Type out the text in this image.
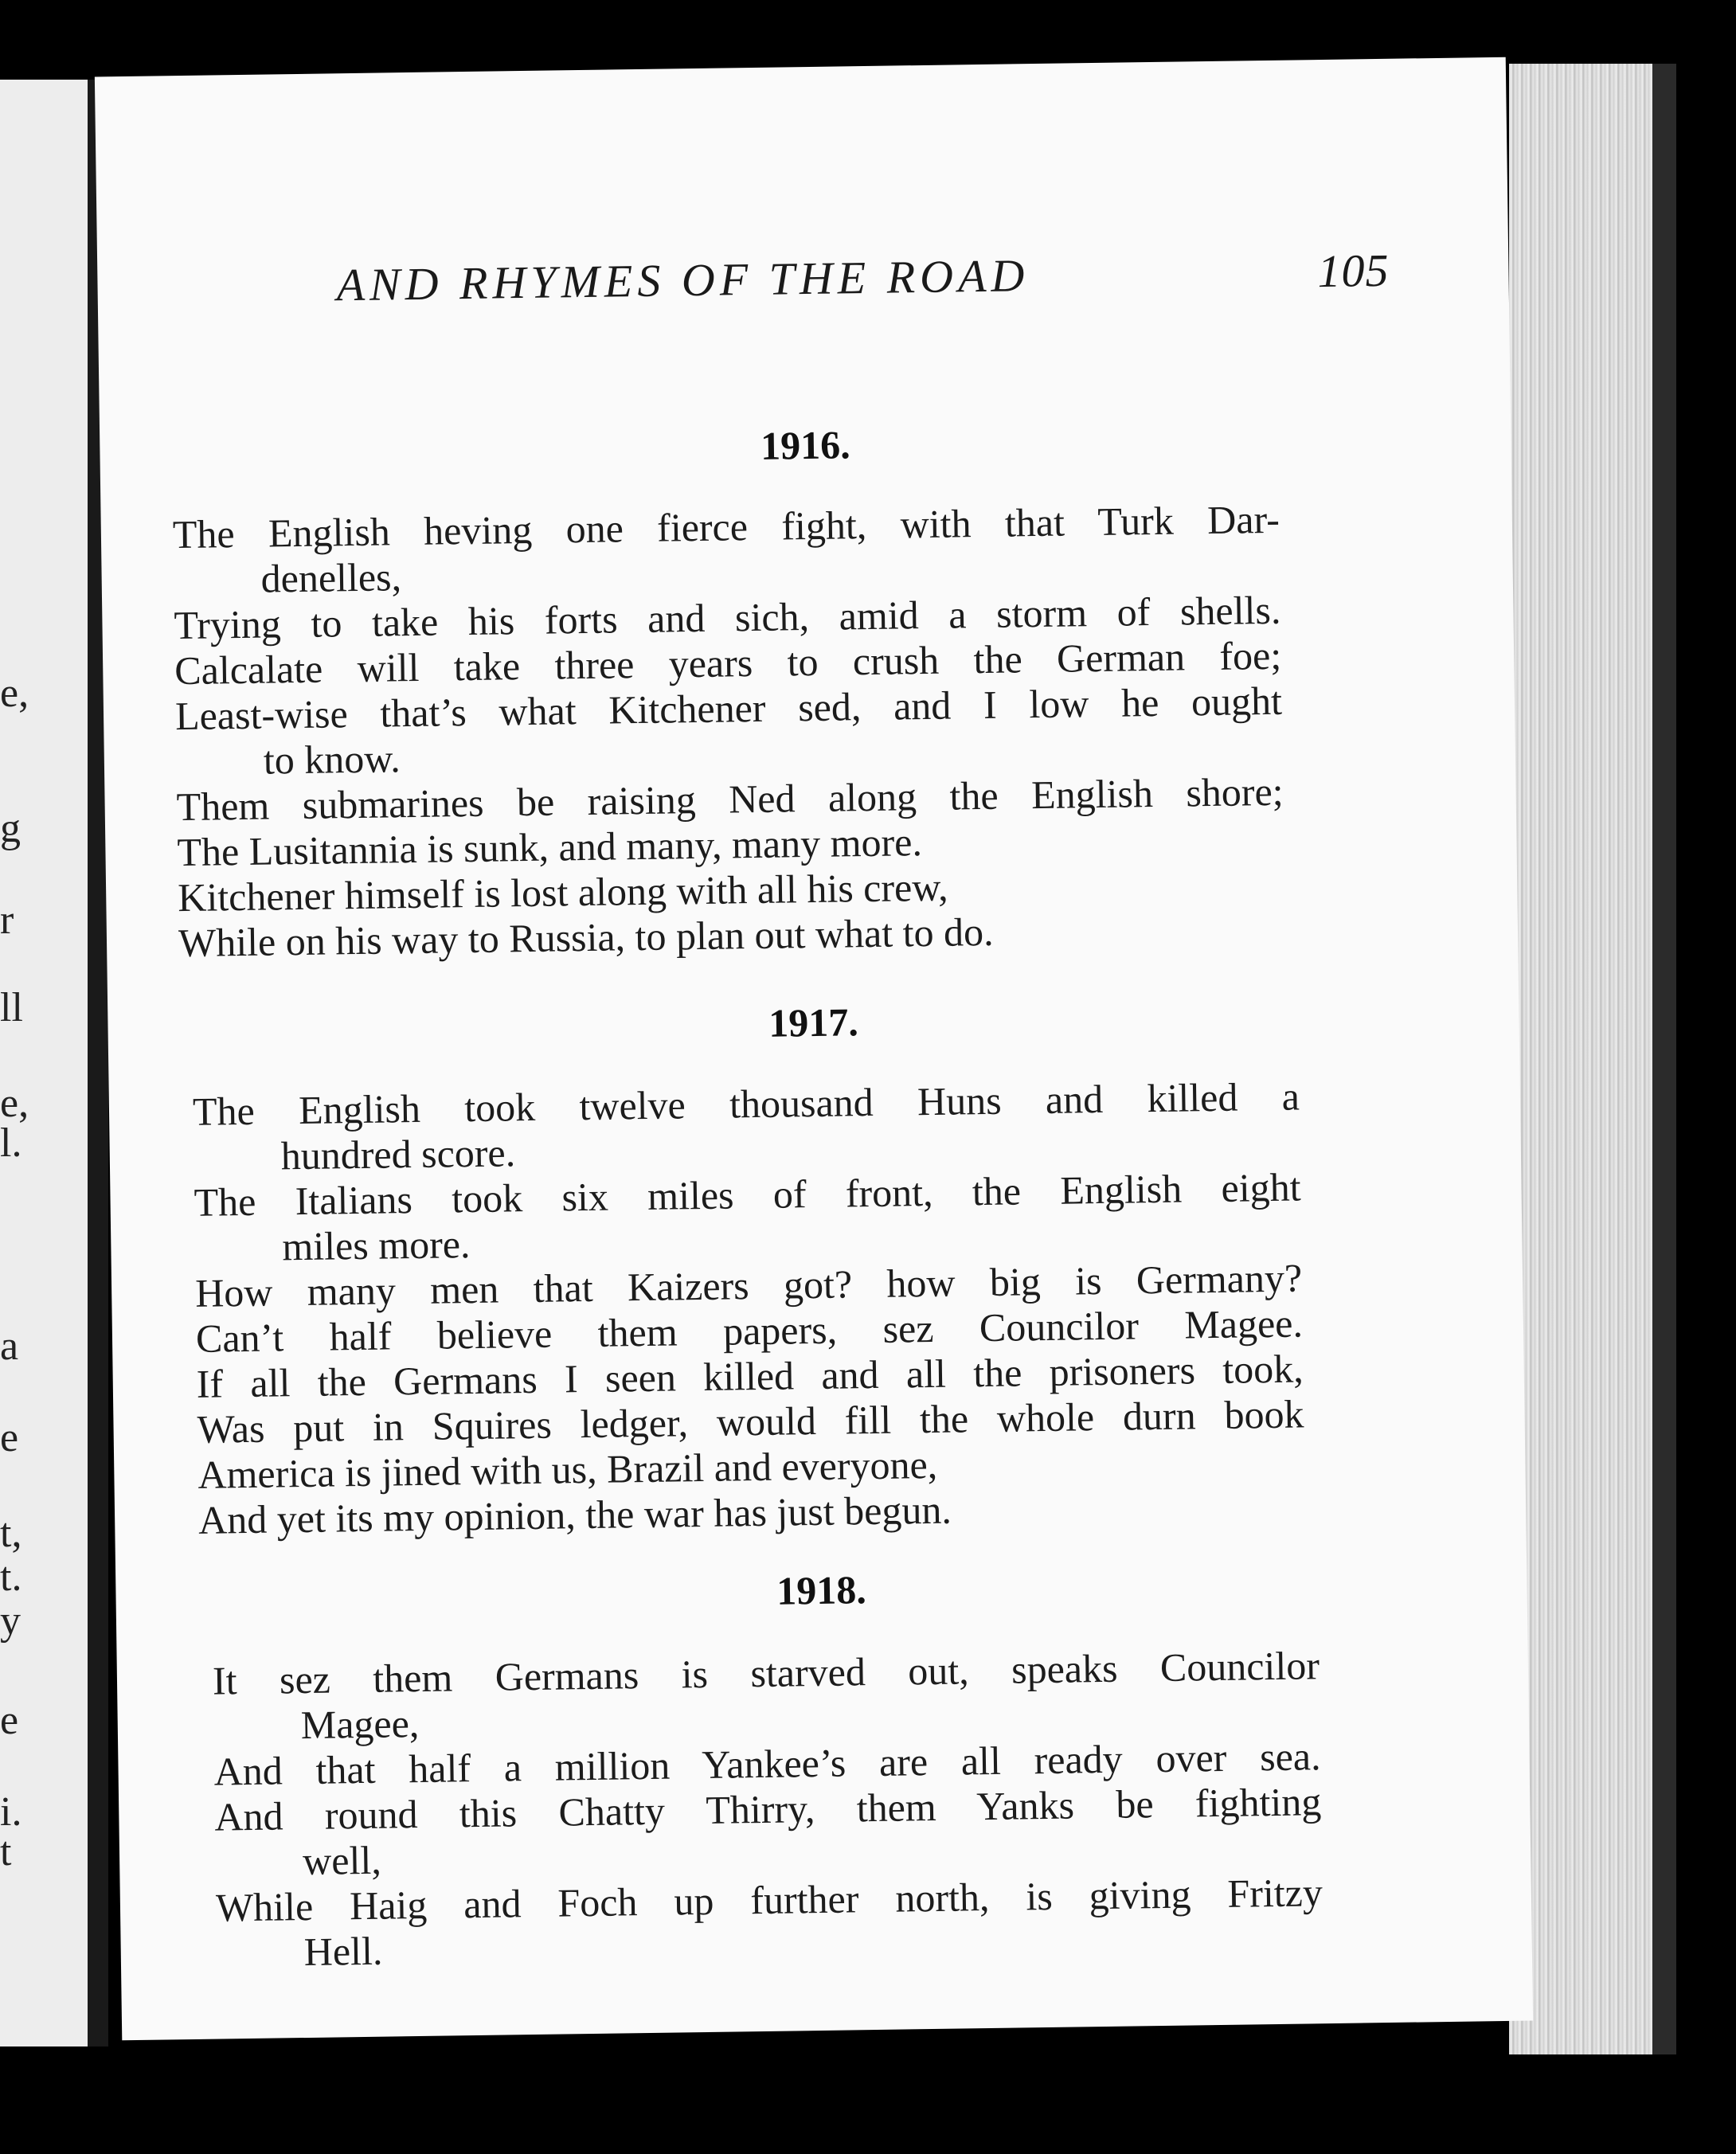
e,
g
r
ll
e,
l.
a
e
t,
t.
y
e
i.
t
AND RHYMES OF THE ROAD	105
1916.
The English heving one fierce fight, with that Turk Dar-
denelles,
Trying to take his forts and sich, amid a storm of shells.
Calcalate will take three years to crush the German foe;
Least-wise that’s what Kitchener sed, and I low he ought
to know.
Them submarines be raising Ned along the English shore;
The Lusitannia is sunk, and many, many more.
Kitchener himself is lost along with all his crew,
While on his way to Russia, to plan out what to do.
1917.
The English took twelve thousand Huns and killed a
hundred score.
The Italians took six miles of front, the English eight
miles more.
How many men that Kaizers got? how big is Germany?
Can’t half believe them papers, sez Councilor Magee.
If all the Germans I seen killed and all the prisoners took,
Was put in Squires ledger, would fill the whole durn book
America is jined with us, Brazil and everyone,
And yet its my opinion, the war has just begun.
1918.
It sez them Germans is starved out, speaks Councilor
Magee,
And that half a million Yankee’s are all ready over sea.
And round this Chatty Thirry, them Yanks be fighting
well,
While Haig and Foch up further north, is giving Fritzy
Hell.
